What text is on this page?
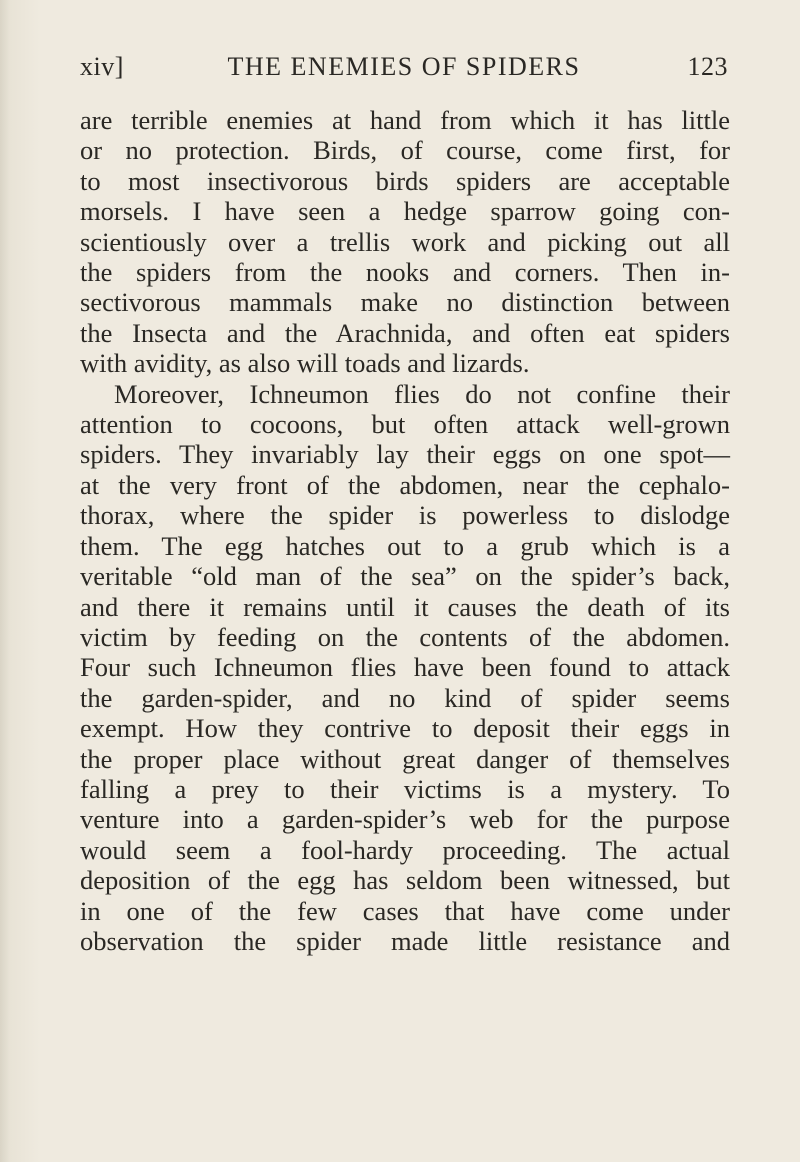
xiv]	THE ENEMIES OF SPIDERS	123
are terrible enemies at hand from which it has little
or no protection. Birds, of course, come first, for
to most insectivorous birds spiders are acceptable
morsels. I have seen a hedge sparrow going con-
scientiously over a trellis work and picking out all
the spiders from the nooks and corners. Then in-
sectivorous mammals make no distinction between
the Insecta and the Arachnida, and often eat spiders
with avidity, as also will toads and lizards.
Moreover, Ichneumon flies do not confine their
attention to cocoons, but often attack well-grown
spiders. They invariably lay their eggs on one spot—
at the very front of the abdomen, near the cephalo-
thorax, where the spider is powerless to dislodge
them. The egg hatches out to a grub which is a
veritable “old man of the sea” on the spider’s back,
and there it remains until it causes the death of its
victim by feeding on the contents of the abdomen.
Four such Ichneumon flies have been found to attack
the garden-spider, and no kind of spider seems
exempt. How they contrive to deposit their eggs in
the proper place without great danger of themselves
falling a prey to their victims is a mystery. To
venture into a garden-spider’s web for the purpose
would seem a fool-hardy proceeding. The actual
deposition of the egg has seldom been witnessed, but
in one of the few cases that have come under
observation the spider made little resistance and
